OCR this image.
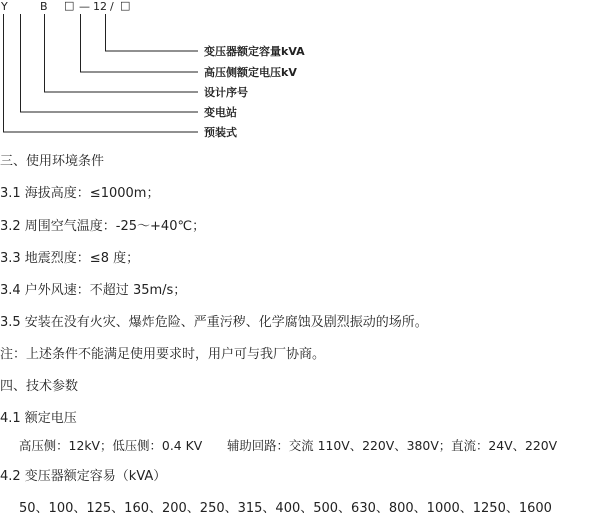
Y	B □ — 12 / □
变压器额定容量kVA
高压侧额定电压kV
设计序号
变电站
预装式
三、使用环境条件
3.1 海拔高度：≤1000m；
3.2 周围空气温度：-25～+40℃；
3.3 地震烈度：≤8 度；
3.4 户外风速：不超过 35m/s；
3.5 安装在没有火灾、爆炸危险、严重污秽、化学腐蚀及剧烈振动的场所。
注：上述条件不能满足使用要求时，用户可与我厂协商。
四、技术参数
4.1 额定电压
高压侧：12kV；低压侧：0.4 KV　　辅助回路：交流 110V、220V、380V；直流：24V、220V
4.2 变压器额定容易（kVA）
50、100、125、160、200、250、315、400、500、630、800、1000、1250、1600
